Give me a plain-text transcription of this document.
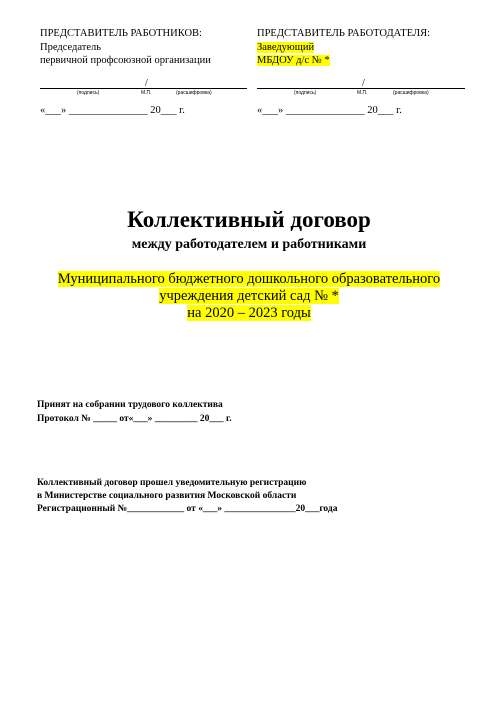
ПРЕДСТАВИТЕЛЬ РАБОТНИКОВ:
Председатель
первичной профсоюзной организации
/
(подпись)	М.П.	(расшифровка)
«___» _______________ 20___ г.
ПРЕДСТАВИТЕЛЬ РАБОТОДАТЕЛЯ:
Заведующий
МБДОУ д/с № *
/
(подпись)	М.П.	(расшифровка)
«___» _______________ 20___ г.
Коллективный договор
между работодателем и работниками
Муниципального бюджетного дошкольного образовательного
учреждения детский сад № *
на 2020 – 2023 годы
Принят на собрании трудового коллектива
Протокол № _____ от«___» _________ 20___ г.
Коллективный договор прошел уведомительную регистрацию
в Министерстве социального развития Московской области
Регистрационный №____________ от «___» _______________20___года
